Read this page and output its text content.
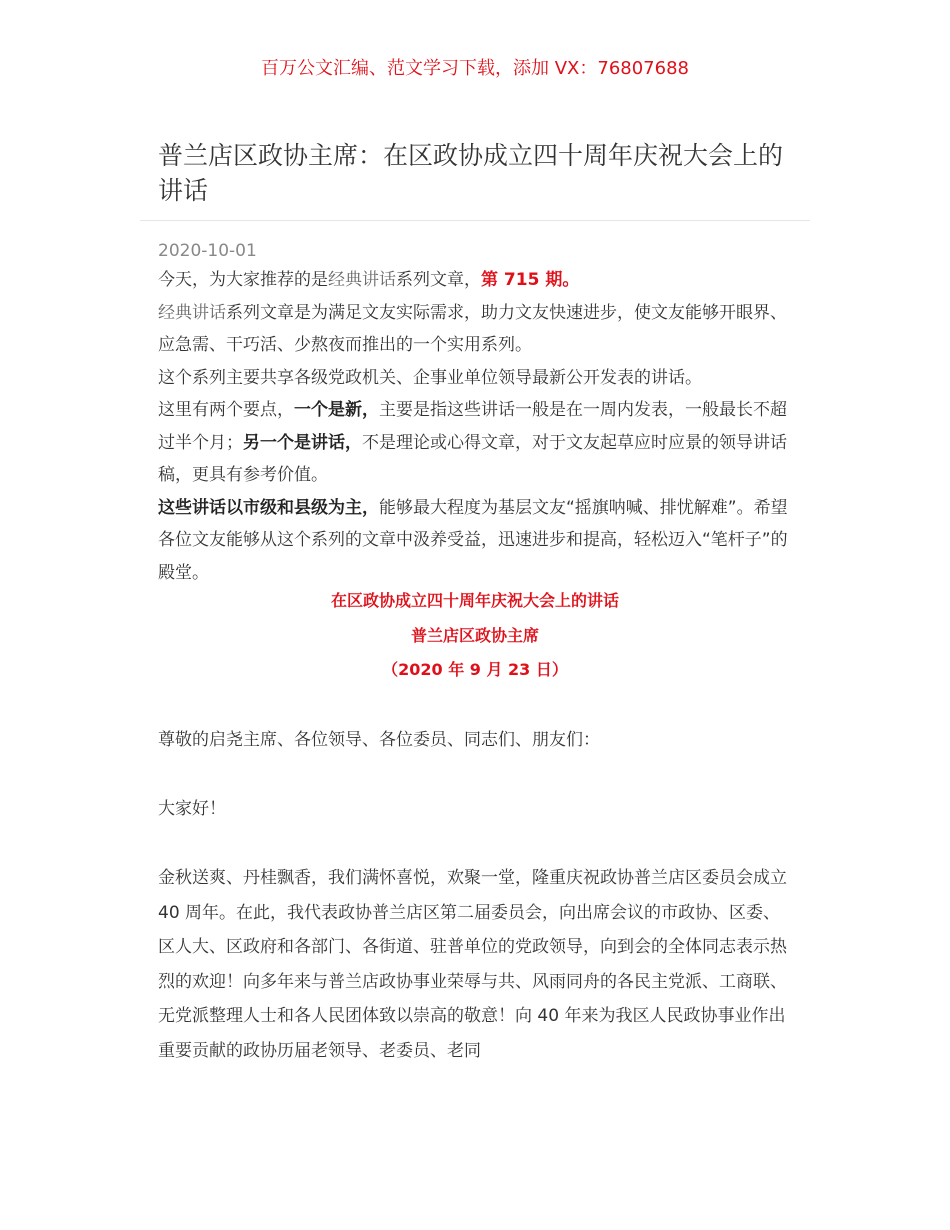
百万公文汇编、范文学习下载，添加 VX：76807688
普兰店区政协主席：在区政协成立四十周年庆祝大会上的讲话
2020-10-01

今天，为大家推荐的是经典讲话系列文章，第 715 期。

经典讲话系列文章是为满足文友实际需求，助力文友快速进步，使文友能够开眼界、应急需、干巧活、少熬夜而推出的一个实用系列。

这个系列主要共享各级党政机关、企事业单位领导最新公开发表的讲话。

这里有两个要点，一个是新，主要是指这些讲话一般是在一周内发表，一般最长不超过半个月；另一个是讲话，不是理论或心得文章，对于文友起草应时应景的领导讲话稿，更具有参考价值。

这些讲话以市级和县级为主，能够最大程度为基层文友“摇旗呐喊、排忧解难”。希望各位文友能够从这个系列的文章中汲养受益，迅速进步和提高，轻松迈入“笔杆子”的殿堂。

在区政协成立四十周年庆祝大会上的讲话
普兰店区政协主席
（2020 年 9 月 23 日）

尊敬的启尧主席、各位领导、各位委员、同志们、朋友们：

大家好！

金秋送爽、丹桂飘香，我们满怀喜悦，欢聚一堂，隆重庆祝政协普兰店区委员会成立 40 周年。在此，我代表政协普兰店区第二届委员会，向出席会议的市政协、区委、区人大、区政府和各部门、各街道、驻普单位的党政领导，向到会的全体同志表示热烈的欢迎！向多年来与普兰店政协事业荣辱与共、风雨同舟的各民主党派、工商联、无党派整理人士和各人民团体致以崇高的敬意！向 40 年来为我区人民政协事业作出重要贡献的政协历届老领导、老委员、老同
